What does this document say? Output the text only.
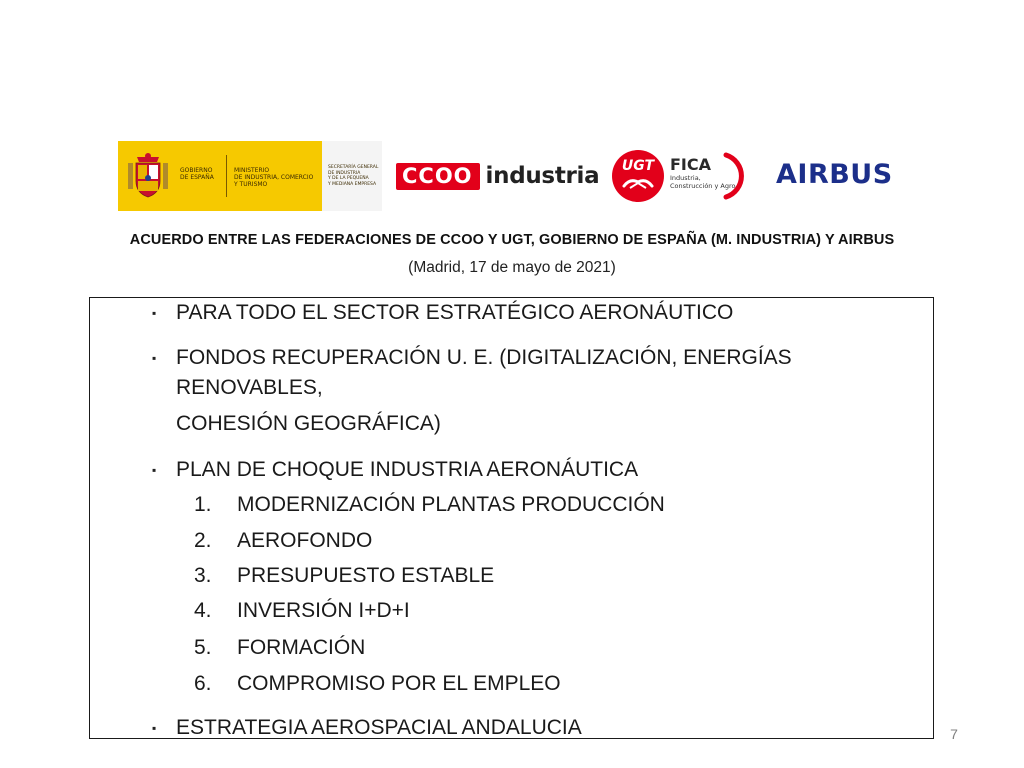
GOBIERNO
DE ESPAÑA
MINISTERIO
DE INDUSTRIA, COMERCIO
Y TURISMO
SECRETARÍA GENERAL
DE INDUSTRIA
Y DE LA PEQUEÑA
Y MEDIANA EMPRESA	CCOO industria	UGT FICA
Industria,
Construcción y Agro AIRBUS
ACUERDO ENTRE LAS FEDERACIONES DE CCOO Y UGT, GOBIERNO DE ESPAÑA (M. INDUSTRIA) Y AIRBUS
(Madrid, 17 de mayo de 2021)
▪ PARA TODO EL SECTOR ESTRATÉGICO AERONÁUTICO
▪ FONDOS RECUPERACIÓN U. E. (DIGITALIZACIÓN, ENERGÍAS
RENOVABLES,
COHESIÓN GEOGRÁFICA)
▪ PLAN DE CHOQUE INDUSTRIA AERONÁUTICA
1.	MODERNIZACIÓN PLANTAS PRODUCCIÓN
2.	AEROFONDO
3.	PRESUPUESTO ESTABLE
4.	INVERSIÓN I+D+I
5.	FORMACIÓN
6.	COMPROMISO POR EL EMPLEO
▪ ESTRATEGIA AEROSPACIAL ANDALUCIA	7
